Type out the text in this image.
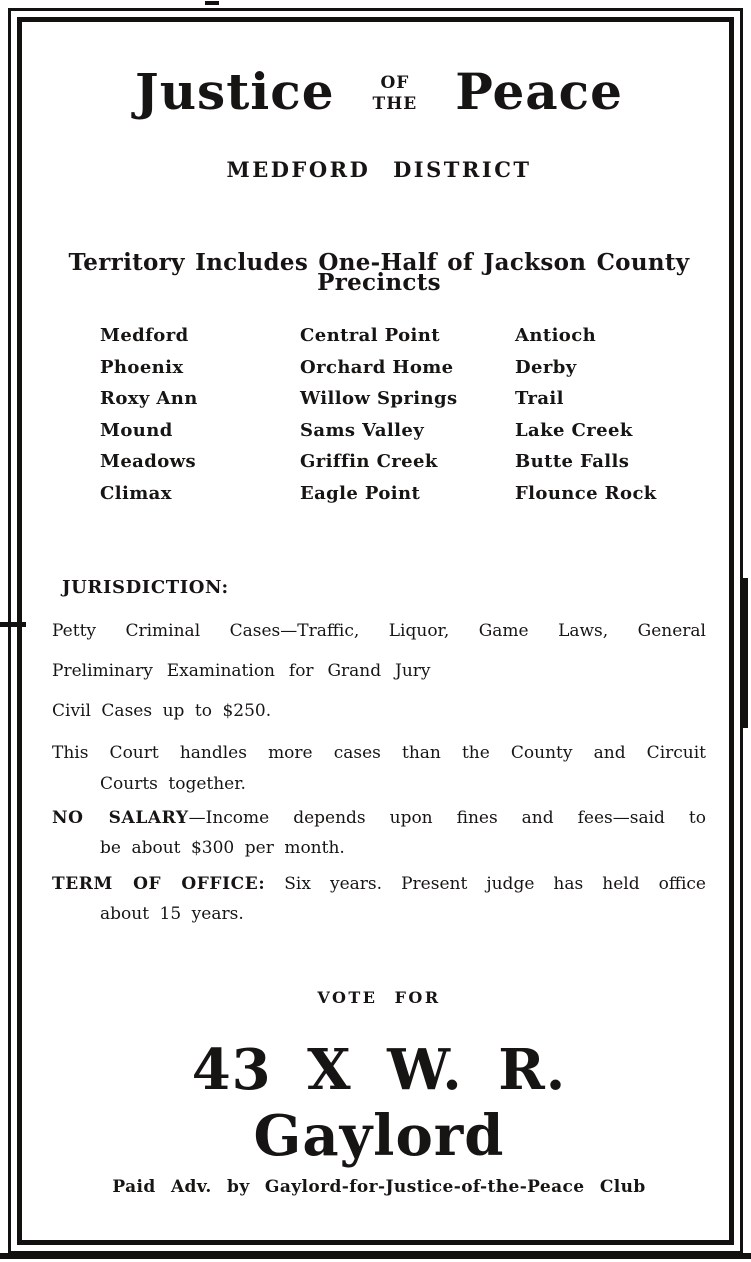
Justice	OF
THE Peace
MEDFORD DISTRICT
Territory Includes One-Half of Jackson County Precincts
Medford	Central Point	Antioch
Phoenix	Orchard Home	Derby
Roxy Ann	Willow Springs	Trail
Mound	Sams Valley	Lake Creek
Meadows	Griffin Creek	Butte Falls
Climax	Eagle Point	Flounce Rock
JURISDICTION:
Petty Criminal Cases—Traffic, Liquor, Game Laws, General
Preliminary Examination for Grand Jury
Civil Cases up to $250.
This Court handles more cases than the County and Circuit
Courts together.
NO SALARY—Income depends upon fines and fees—said to
be about $300 per month.
TERM OF OFFICE: Six years. Present judge has held office
about 15 years.
VOTE FOR
43 X W. R. Gaylord
Paid Adv. by Gaylord-for-Justice-of-the-Peace Club
